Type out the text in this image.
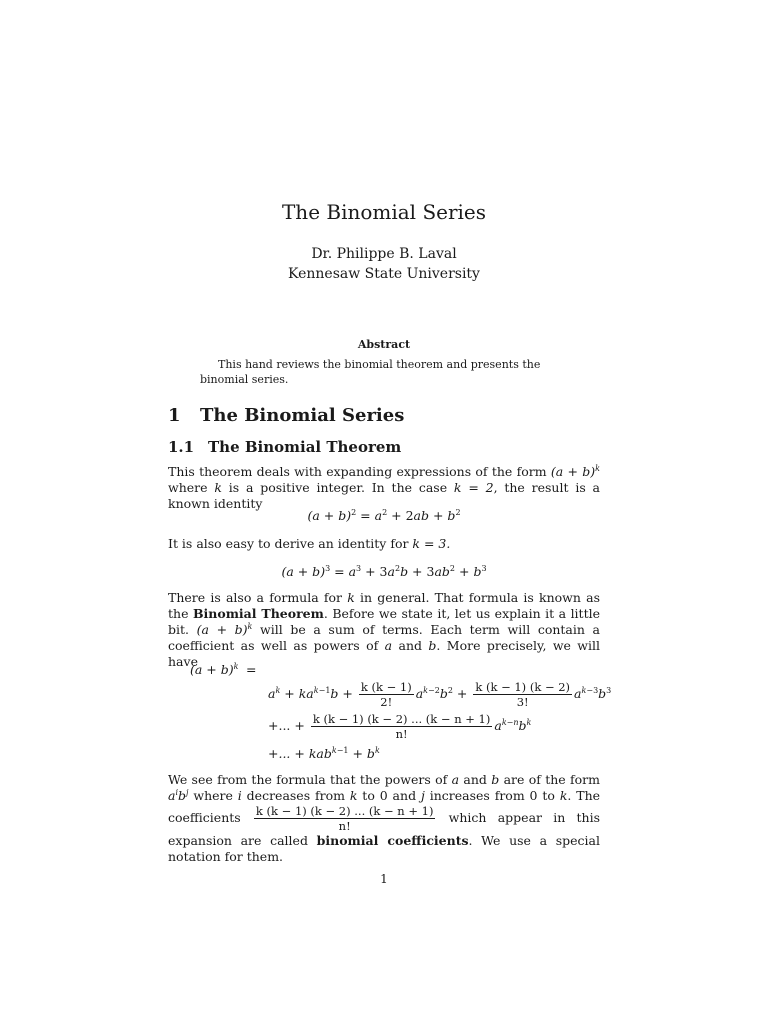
The Binomial Series
Dr. Philippe B. Laval
Kennesaw State University
Abstract
This hand reviews the binomial theorem and presents the binomial series.
1 The Binomial Series
1.1 The Binomial Theorem
This theorem deals with expanding expressions of the form $(a + b)^k$ where k is a positive integer. In the case k = 2, the result is a known identity
$(a + b)^2 = a^2 + 2ab + b^2$
It is also easy to derive an identity for k = 3.
$(a + b)^3 = a^3 + 3a^2b + 3ab^2 + b^3$
There is also a formula for k in general. That formula is known as the Binomial Theorem. Before we state it, let us explain it a little bit. $(a + b)^k$ will be a sum of terms. Each term will contain a coefficient as well as powers of a and b. More precisely, we will have
$(a + b)^k$ =
$a^k + ka^{k-1}b + \frac{k (k - 1)}{2!} a^{k-2}b^2 + \frac{k (k - 1) (k - 2)}{3!} a^{k-3}b^3$
+... + $\frac{k (k - 1) (k - 2) ... (k - n + 1)}{n!} a^{k-n}b^k$
+... + $kab^{k-1} + b^k$
We see from the formula that the powers of a and b are of the form $a^ib^j$ where i decreases from k to 0 and j increases from 0 to k. The coefficients $\frac{k (k - 1) (k - 2) ... (k - n + 1)}{n!}$ which appear in this expansion are called binomial coefficients. We use a special notation for them.
1
